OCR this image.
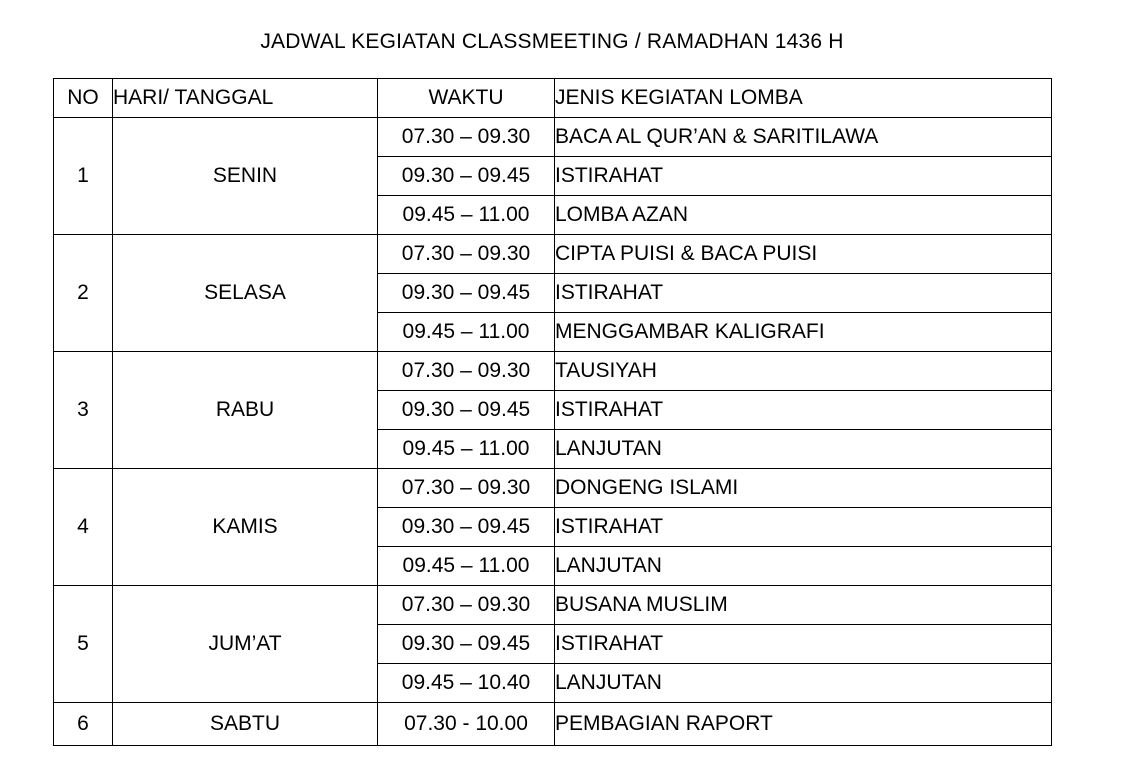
JADWAL KEGIATAN CLASSMEETING / RAMADHAN 1436 H
NO	HARI/ TANGGAL	WAKTU	JENIS KEGIATAN LOMBA
1	SENIN	07.30 – 09.30	BACA AL QUR’AN & SARITILAWA
		09.30 – 09.45	ISTIRAHAT
		09.45 – 11.00	LOMBA AZAN
2	SELASA	07.30 – 09.30	CIPTA PUISI & BACA PUISI
		09.30 – 09.45	ISTIRAHAT
		09.45 – 11.00	MENGGAMBAR KALIGRAFI
3	RABU	07.30 – 09.30	TAUSIYAH
		09.30 – 09.45	ISTIRAHAT
		09.45 – 11.00	LANJUTAN
4	KAMIS	07.30 – 09.30	DONGENG ISLAMI
		09.30 – 09.45	ISTIRAHAT
		09.45 – 11.00	LANJUTAN
5	JUM’AT	07.30 – 09.30	BUSANA MUSLIM
		09.30 – 09.45	ISTIRAHAT
		09.45 – 10.40	LANJUTAN
6	SABTU	07.30 - 10.00	PEMBAGIAN RAPORT
